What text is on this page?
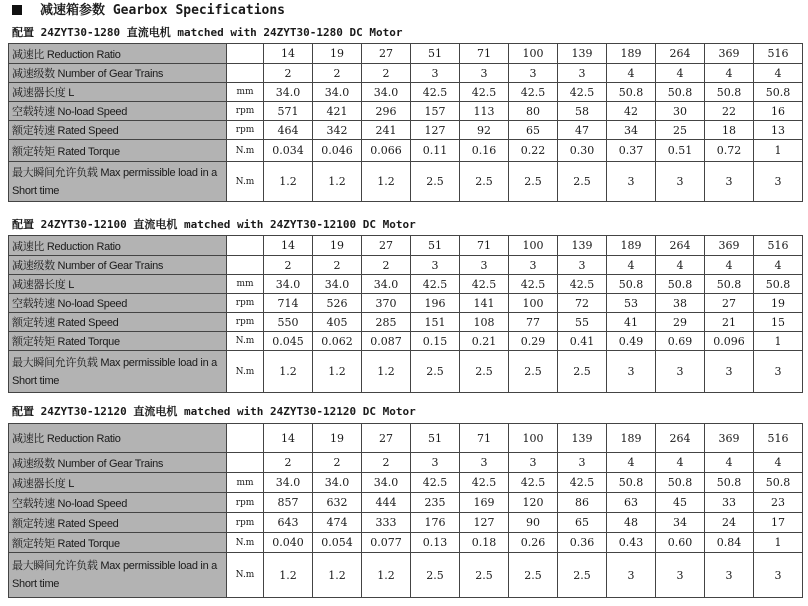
减速箱参数 Gearbox Specifications
配置 24ZYT30-1280 直流电机 matched with 24ZYT30-1280 DC Motor
减速比 Reduction Ratio		14	19	27	51	71	100	139	189	264	369	516
减速级数 Number of Gear Trains		2	2	2	3	3	3	3	4	4	4	4
减速器长度 L	mm	34.0	34.0	34.0	42.5	42.5	42.5	42.5	50.8	50.8	50.8	50.8
空载转速 No-load Speed	rpm	571	421	296	157	113	80	58	42	30	22	16
额定转速 Rated Speed	rpm	464	342	241	127	92	65	47	34	25	18	13
额定转矩 Rated Torque	N.m	0.034	0.046	0.066	0.11	0.16	0.22	0.30	0.37	0.51	0.72	1
最大瞬间允许负载 Max permissible load in a Short time	N.m	1.2	1.2	1.2	2.5	2.5	2.5	2.5	3	3	3	3
配置 24ZYT30-12100 直流电机 matched with 24ZYT30-12100 DC Motor
减速比 Reduction Ratio		14	19	27	51	71	100	139	189	264	369	516
减速级数 Number of Gear Trains		2	2	2	3	3	3	3	4	4	4	4
减速器长度 L	mm	34.0	34.0	34.0	42.5	42.5	42.5	42.5	50.8	50.8	50.8	50.8
空载转速 No-load Speed	rpm	714	526	370	196	141	100	72	53	38	27	19
额定转速 Rated Speed	rpm	550	405	285	151	108	77	55	41	29	21	15
额定转矩 Rated Torque	N.m	0.045	0.062	0.087	0.15	0.21	0.29	0.41	0.49	0.69	0.096	1
最大瞬间允许负载 Max permissible load in a Short time	N.m	1.2	1.2	1.2	2.5	2.5	2.5	2.5	3	3	3	3
配置 24ZYT30-12120 直流电机 matched with 24ZYT30-12120 DC Motor
减速比 Reduction Ratio		14	19	27	51	71	100	139	189	264	369	516
减速级数 Number of Gear Trains		2	2	2	3	3	3	3	4	4	4	4
减速器长度 L	mm	34.0	34.0	34.0	42.5	42.5	42.5	42.5	50.8	50.8	50.8	50.8
空载转速 No-load Speed	rpm	857	632	444	235	169	120	86	63	45	33	23
额定转速 Rated Speed	rpm	643	474	333	176	127	90	65	48	34	24	17
额定转矩 Rated Torque	N.m	0.040	0.054	0.077	0.13	0.18	0.26	0.36	0.43	0.60	0.84	1
最大瞬间允许负载 Max permissible load in a Short time	N.m	1.2	1.2	1.2	2.5	2.5	2.5	2.5	3	3	3	3
